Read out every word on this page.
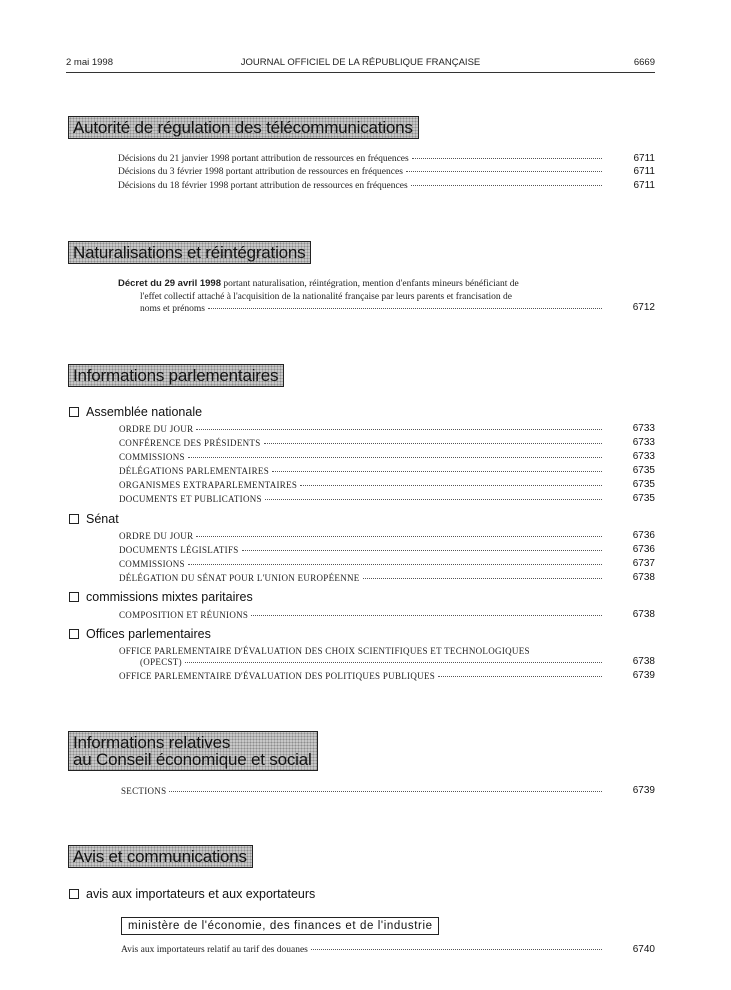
2 mai 1998	JOURNAL OFFICIEL DE LA RÉPUBLIQUE FRANÇAISE	6669
Autorité de régulation des télécommunications
Décisions du 21 janvier 1998 portant attribution de ressources en fréquences	6711
Décisions du 3 février 1998 portant attribution de ressources en fréquences	6711
Décisions du 18 février 1998 portant attribution de ressources en fréquences	6711
Naturalisations et réintégrations
Décret du 29 avril 1998 portant naturalisation, réintégration, mention d'enfants mineurs bénéficiant de
l'effet collectif attaché à l'acquisition de la nationalité française par leurs parents et francisation de
noms et prénoms	6712
Informations parlementaires
Assemblée nationale
ORDRE DU JOUR	6733
CONFÉRENCE DES PRÉSIDENTS	6733
COMMISSIONS	6733
DÉLÉGATIONS PARLEMENTAIRES	6735
ORGANISMES EXTRAPARLEMENTAIRES	6735
DOCUMENTS ET PUBLICATIONS	6735
Sénat
ORDRE DU JOUR	6736
DOCUMENTS LÉGISLATIFS	6736
COMMISSIONS	6737
DÉLÉGATION DU SÉNAT POUR L'UNION EUROPÉENNE	6738
commissions mixtes paritaires
COMPOSITION ET RÉUNIONS	6738
Offices parlementaires
OFFICE PARLEMENTAIRE D'ÉVALUATION DES CHOIX SCIENTIFIQUES ET TECHNOLOGIQUES
(OPECST)	6738
OFFICE PARLEMENTAIRE D'ÉVALUATION DES POLITIQUES PUBLIQUES	6739
Informations relatives
au Conseil économique et social
SECTIONS	6739
Avis et communications
avis aux importateurs et aux exportateurs
ministère de l'économie, des finances et de l'industrie
Avis aux importateurs relatif au tarif des douanes	6740
